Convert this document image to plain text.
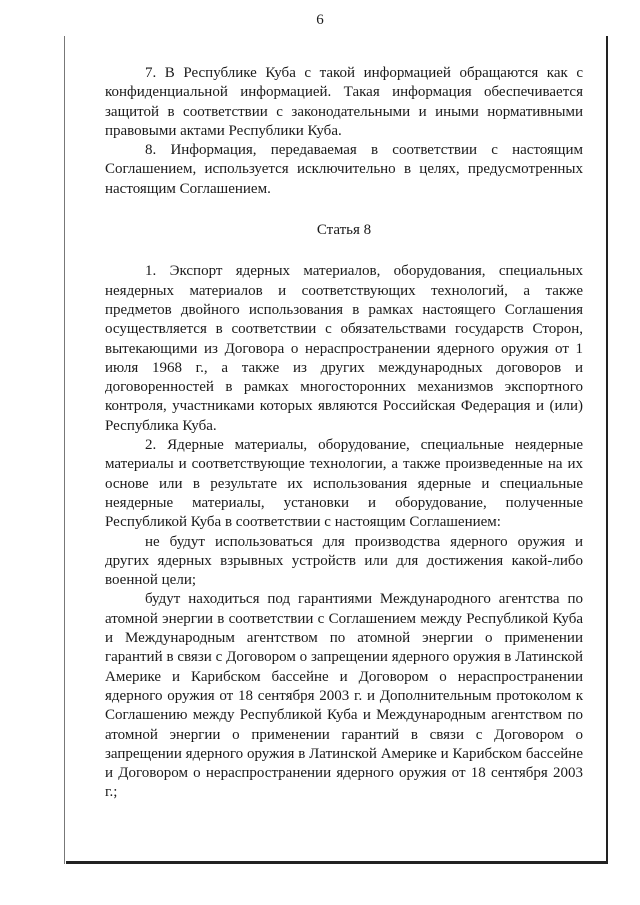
6

7. В Республике Куба с такой информацией обращаются как с конфиденциальной информацией. Такая информация обеспечивается защитой в соответствии с законодательными и иными нормативными правовыми актами Республики Куба.

8. Информация, передаваемая в соответствии с настоящим Соглашением, используется исключительно в целях, предусмотренных настоящим Соглашением.

Статья 8

1. Экспорт ядерных материалов, оборудования, специальных неядерных материалов и соответствующих технологий, а также предметов двойного использования в рамках настоящего Соглашения осуществляется в соответствии с обязательствами государств Сторон, вытекающими из Договора о нераспространении ядерного оружия от 1 июля 1968 г., а также из других международных договоров и договоренностей в рамках многосторонних механизмов экспортного контроля, участниками которых являются Российская Федерация и (или) Республика Куба.

2. Ядерные материалы, оборудование, специальные неядерные материалы и соответствующие технологии, а также произведенные на их основе или в результате их использования ядерные и специальные неядерные материалы, установки и оборудование, полученные Республикой Куба в соответствии с настоящим Соглашением:

не будут использоваться для производства ядерного оружия и других ядерных взрывных устройств или для достижения какой-либо военной цели;

будут находиться под гарантиями Международного агентства по атомной энергии в соответствии с Соглашением между Республикой Куба и Международным агентством по атомной энергии о применении гарантий в связи с Договором о запрещении ядерного оружия в Латинской Америке и Карибском бассейне и Договором о нераспространении ядерного оружия от 18 сентября 2003 г. и Дополнительным протоколом к Соглашению между Республикой Куба и Международным агентством по атомной энергии о применении гарантий в связи с Договором о запрещении ядерного оружия в Латинской Америке и Карибском бассейне и Договором о нераспространении ядерного оружия от 18 сентября 2003 г.;
